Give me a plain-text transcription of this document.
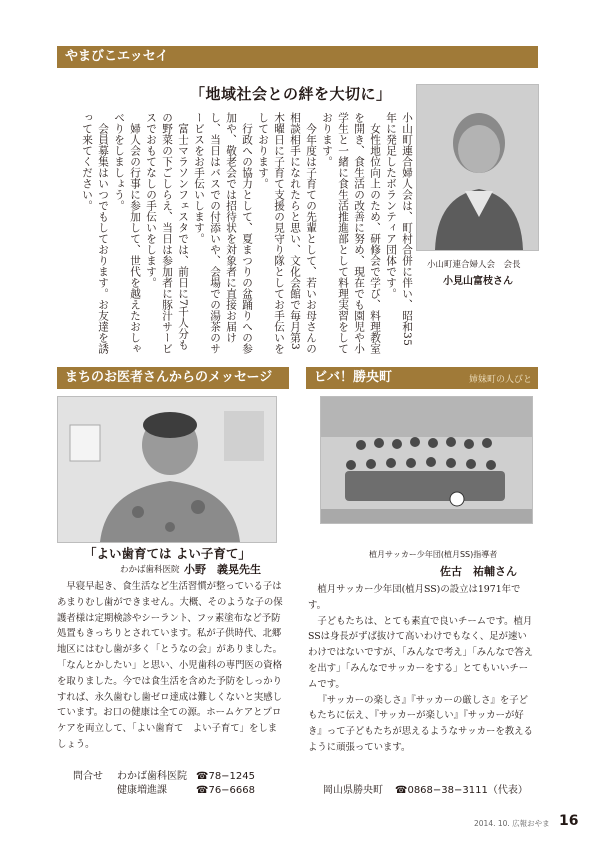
やまびこエッセイ
「地域社会との絆を大切に」

小山町連合婦人会は、町村合併に伴い、昭和35年に発足したボランティア団体です。

女性地位向上のため、研修会で学び、料理教室を開き、食生活の改善に努め、現在でも園児や小学生と一緒に食生活推進部として料理実習をしております。

今年度は子育ての先輩として、若いお母さんの相談相手になれたらと思い、文化会館で毎月第3木曜日に子育て支援の見守り隊としてお手伝いをしております。

行政への協力として、夏まつりの盆踊りへの参加や、敬老会では招待状を対象者に直接お届けし、当日はバスでの付添いや、会場での湯茶のサービスをお手伝いします。

富士マラソンフェスタでは、前日に7千人分もの野菜の下ごしらえ、当日は参加者に豚汁サービスでおもてなしの手伝いをします。

婦人会の行事に参加して、世代を越えたおしゃべりをしましょう。

会員募集はいつでもしております。お友達を誘って来てください。

小山町連合婦人会　会長
小見山富枝さん
まちのお医者さんからのメッセージ
「よい歯育ては よい子育て」
わかば歯科医院 小野　義晃先生

早寝早起き、食生活など生活習慣が整っている子はあまりむし歯ができません。大概、そのような子の保護者様は定期検診やシーラント、フッ素塗布など予防処置もきっちりとされています。私が子供時代、北郷地区にはむし歯が多く「とうなの会」がありました。「なんとかしたい」と思い、小児歯科の専門医の資格を取りました。今では食生活を含めた予防をしっかりすれば、永久歯むし歯ゼロ達成は難しくないと実感しています。お口の健康は全ての源。ホームケアとプロケアを両立して、「よい歯育て　よい子育て」をしましょう。

問合せ わかば歯科医院 ☎78−1245
健康増進課	☎76−6668
ビバ！勝央町	姉妹町の人びと
植月サッカー少年団(植月SS)指導者
佐古　祐輔さん

植月サッカー少年団(植月SS)の設立は1971年です。

子どもたちは、とても素直で良いチームです。植月SSは身長がずば抜けて高いわけでもなく、足が速いわけではないですが、「みんなで考え」「みんなで答えを出す」「みんなでサッカーをする」とてもいいチームです。

『サッカーの楽しさ』『サッカーの厳しさ』を子どもたちに伝え、『サッカーが楽しい』『サッカーが好き』って子どもたちが思えるようなサッカーを教えるように頑張っています。

岡山県勝央町 ☎0868−38−3111（代表）
2014. 10. 広報おやま 16
